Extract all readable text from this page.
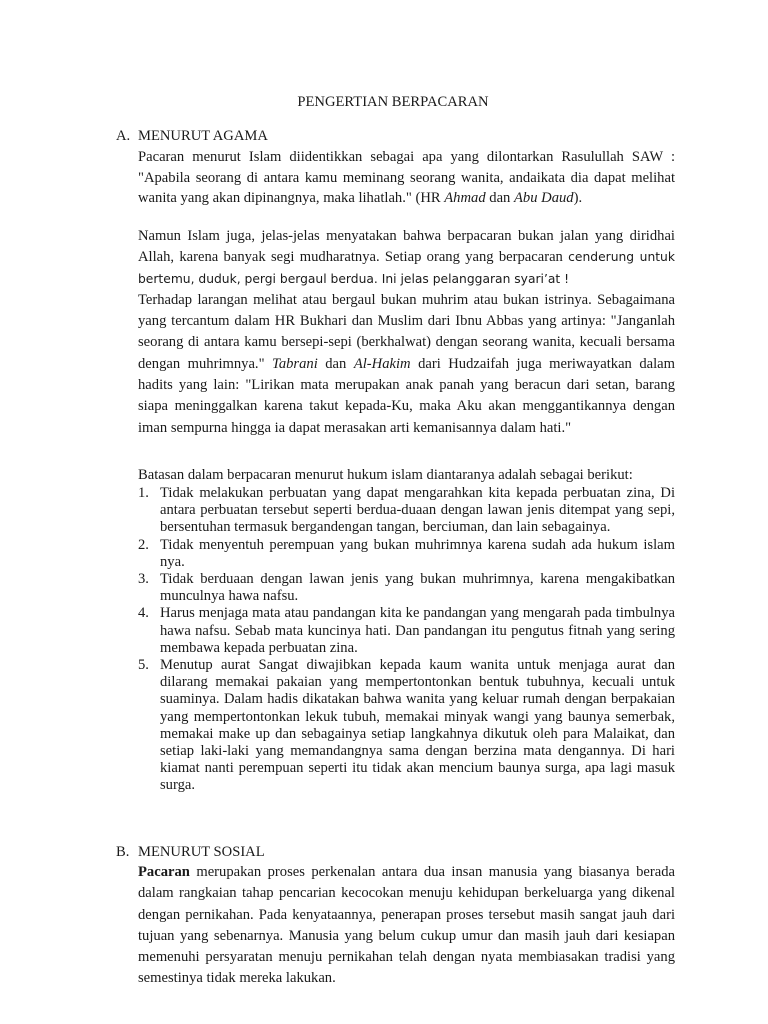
PENGERTIAN BERPACARAN
A. MENURUT AGAMA

Pacaran menurut Islam diidentikkan sebagai apa yang dilontarkan Rasulullah SAW : "Apabila seorang di antara kamu meminang seorang wanita, andaikata dia dapat melihat wanita yang akan dipinangnya, maka lihatlah." (HR Ahmad dan Abu Daud).

Namun Islam juga, jelas-jelas menyatakan bahwa berpacaran bukan jalan yang diridhai Allah, karena banyak segi mudharatnya. Setiap orang yang berpacaran cenderung untuk bertemu, duduk, pergi bergaul berdua. Ini jelas pelanggaran syari’at !
Terhadap larangan melihat atau bergaul bukan muhrim atau bukan istrinya. Sebagaimana yang tercantum dalam HR Bukhari dan Muslim dari Ibnu Abbas yang artinya: "Janganlah seorang di antara kamu bersepi-sepi (berkhalwat) dengan seorang wanita, kecuali bersama dengan muhrimnya." Tabrani dan Al-Hakim dari Hudzaifah juga meriwayatkan dalam hadits yang lain: "Lirikan mata merupakan anak panah yang beracun dari setan, barang siapa meninggalkan karena takut kepada-Ku, maka Aku akan menggantikannya dengan iman sempurna hingga ia dapat merasakan arti kemanisannya dalam hati."

Batasan dalam berpacaran menurut hukum islam diantaranya adalah sebagai berikut:

1. Tidak melakukan perbuatan yang dapat mengarahkan kita kepada perbuatan zina, Di antara perbuatan tersebut seperti berdua-duaan dengan lawan jenis ditempat yang sepi, bersentuhan termasuk bergandengan tangan, berciuman, dan lain sebagainya.
2. Tidak menyentuh perempuan yang bukan muhrimnya karena sudah ada hukum islam nya.
3. Tidak berduaan dengan lawan jenis yang bukan muhrimnya, karena mengakibatkan munculnya hawa nafsu.
4. Harus menjaga mata atau pandangan kita ke pandangan yang mengarah pada timbulnya hawa nafsu. Sebab mata kuncinya hati. Dan pandangan itu pengutus fitnah yang sering membawa kepada perbuatan zina.
5. Menutup aurat Sangat diwajibkan kepada kaum wanita untuk menjaga aurat dan dilarang memakai pakaian yang mempertontonkan bentuk tubuhnya, kecuali untuk suaminya. Dalam hadis dikatakan bahwa wanita yang keluar rumah dengan berpakaian yang mempertontonkan lekuk tubuh, memakai minyak wangi yang baunya semerbak, memakai make up dan sebagainya setiap langkahnya dikutuk oleh para Malaikat, dan setiap laki-laki yang memandangnya sama dengan berzina mata dengannya. Di hari kiamat nanti perempuan seperti itu tidak akan mencium baunya surga, apa lagi masuk surga.
B. MENURUT SOSIAL

Pacaran merupakan proses perkenalan antara dua insan manusia yang biasanya berada dalam rangkaian tahap pencarian kecocokan menuju kehidupan berkeluarga yang dikenal dengan pernikahan. Pada kenyataannya, penerapan proses tersebut masih sangat jauh dari tujuan yang sebenarnya. Manusia yang belum cukup umur dan masih jauh dari kesiapan memenuhi persyaratan menuju pernikahan telah dengan nyata membiasakan tradisi yang semestinya tidak mereka lakukan.
